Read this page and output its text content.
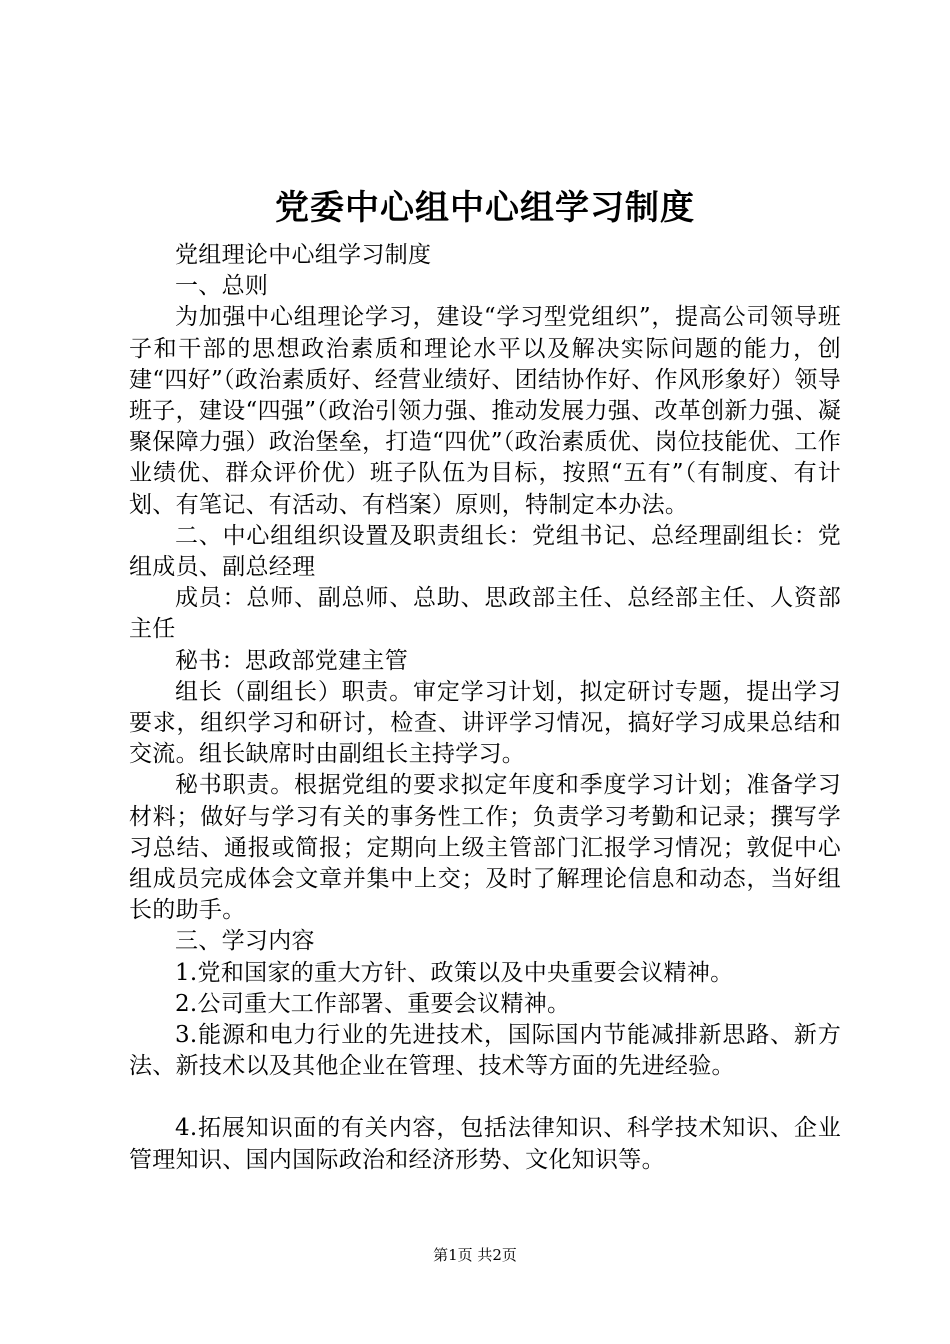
党委中心组中心组学习制度

党组理论中心组学习制度

一、总则

为加强中心组理论学习，建设“学习型党组织”，提高公司领导班子和干部的思想政治素质和理论水平以及解决实际问题的能力，创建“四好”（政治素质好、经营业绩好、团结协作好、作风形象好）领导班子，建设“四强”（政治引领力强、推动发展力强、改革创新力强、凝聚保障力强）政治堡垒，打造“四优”（政治素质优、岗位技能优、工作业绩优、群众评价优）班子队伍为目标，按照“五有”（有制度、有计划、有笔记、有活动、有档案）原则，特制定本办法。

二、中心组组织设置及职责组长：党组书记、总经理副组长：党组成员、副总经理

成员：总师、副总师、总助、思政部主任、总经部主任、人资部主任

秘书：思政部党建主管

组长（副组长）职责。审定学习计划，拟定研讨专题，提出学习要求，组织学习和研讨，检查、讲评学习情况，搞好学习成果总结和交流。组长缺席时由副组长主持学习。

秘书职责。根据党组的要求拟定年度和季度学习计划；准备学习材料；做好与学习有关的事务性工作；负责学习考勤和记录；撰写学习总结、通报或简报；定期向上级主管部门汇报学习情况；敦促中心组成员完成体会文章并集中上交；及时了解理论信息和动态，当好组长的助手。

三、学习内容

1.党和国家的重大方针、政策以及中央重要会议精神。

2.公司重大工作部署、重要会议精神。

3.能源和电力行业的先进技术，国际国内节能减排新思路、新方法、新技术以及其他企业在管理、技术等方面的先进经验。

4.拓展知识面的有关内容，包括法律知识、科学技术知识、企业管理知识、国内国际政治和经济形势、文化知识等。

第1页 共2页
